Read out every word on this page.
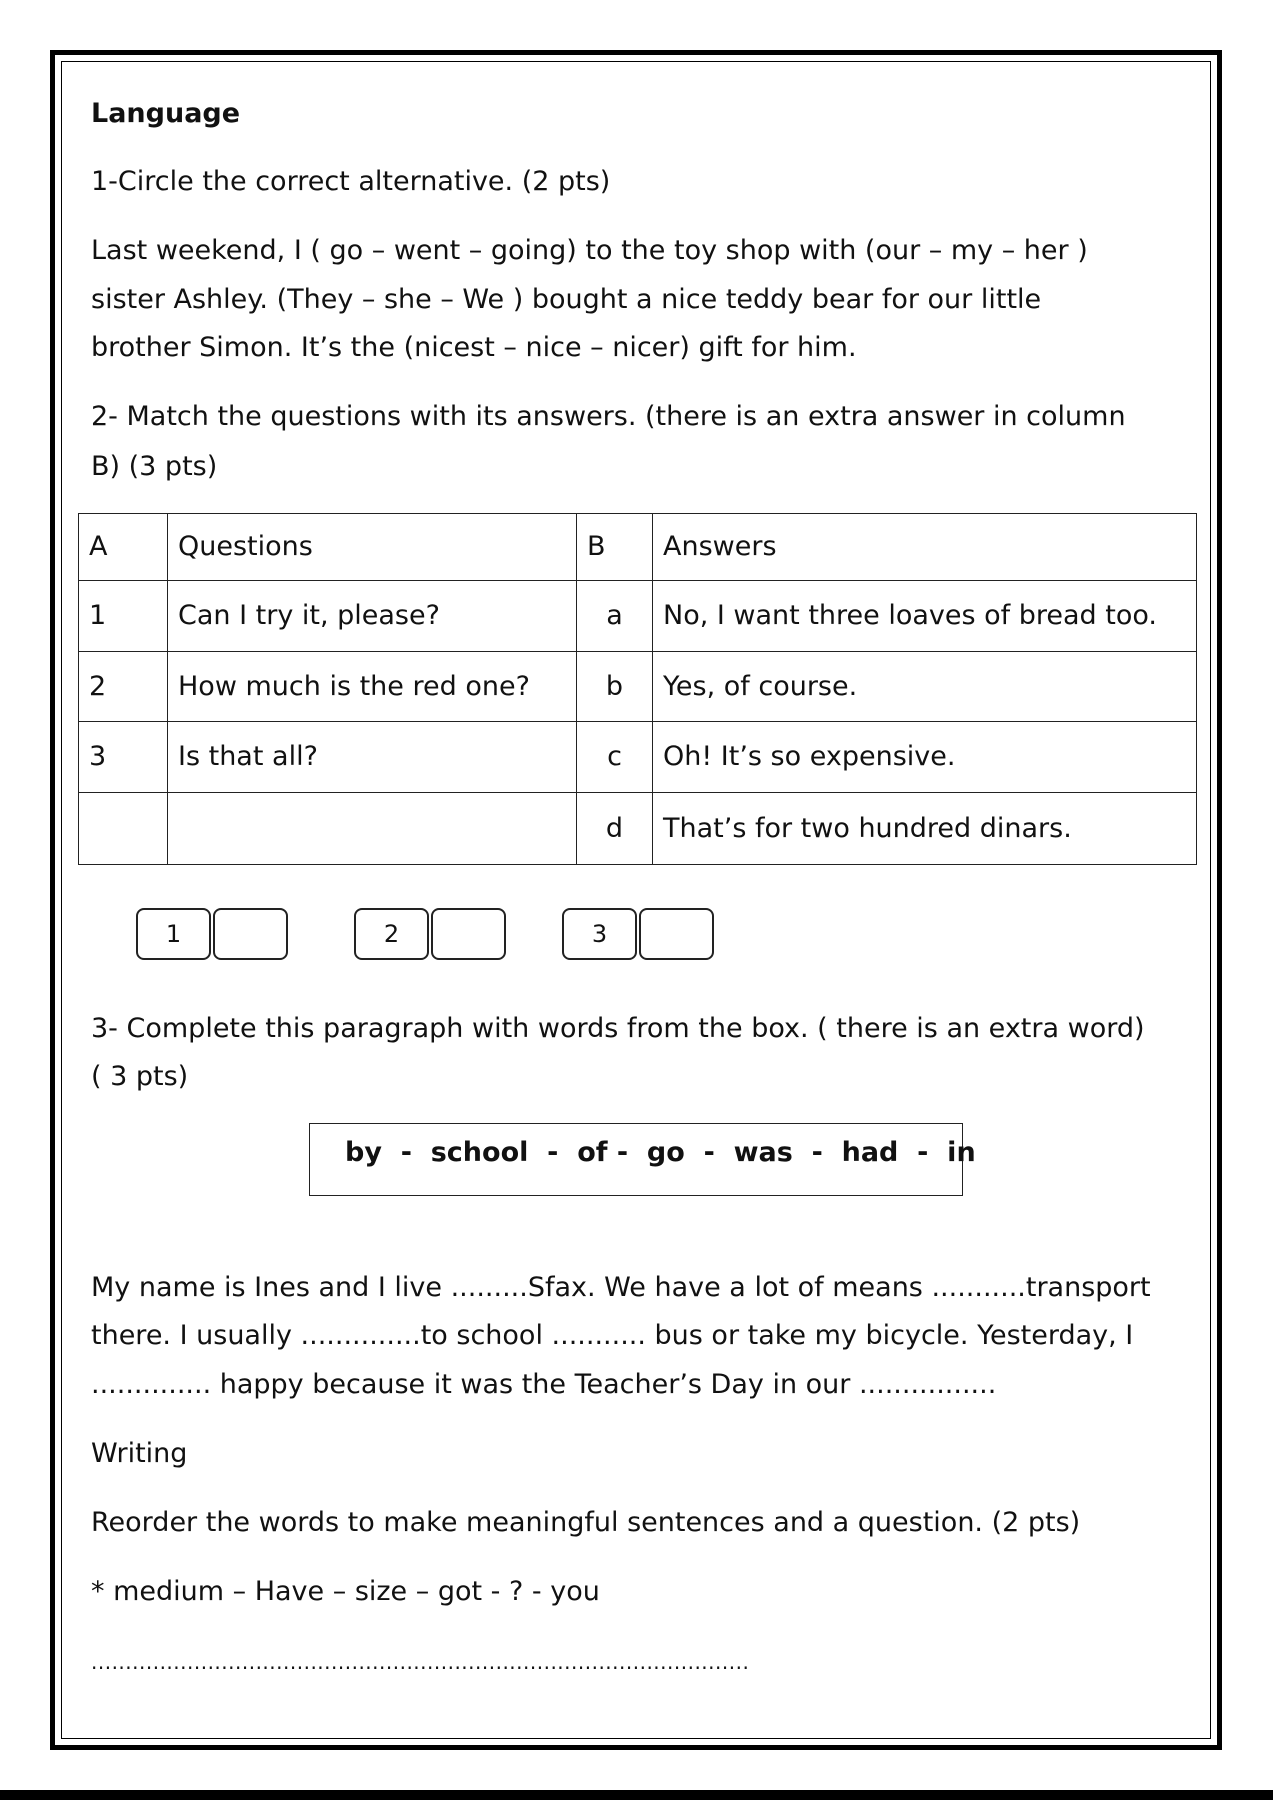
Language
1-Circle the correct alternative. (2 pts)
Last weekend, I ( go – went – going) to the toy shop with (our – my – her )
sister Ashley. (They – she – We ) bought a nice teddy bear for our little
brother Simon. It’s the (nicest – nice – nicer) gift for him.
2- Match the questions with its answers. (there is an extra answer in column
B) (3 pts)
A	Questions	B	Answers
1	Can I try it, please?	a	No, I want three loaves of bread too.
2	How much is the red one?	b	Yes, of course.
3	Is that all?	c	Oh! It’s so expensive.
		d	That’s for two hundred dinars.
1	2	3
3- Complete this paragraph with words from the box. ( there is an extra word)
( 3 pts)
by  -  school  -  of -  go  -  was  -  had  -  in
My name is Ines and I live .........Sfax. We have a lot of means ...........transport
there. I usually ..............to school ........... bus or take my bicycle. Yesterday, I
.............. happy because it was the Teacher’s Day in our ................
Writing
Reorder the words to make meaningful sentences and a question. (2 pts)
* medium – Have – size – got - ? - you
................................................................................................
